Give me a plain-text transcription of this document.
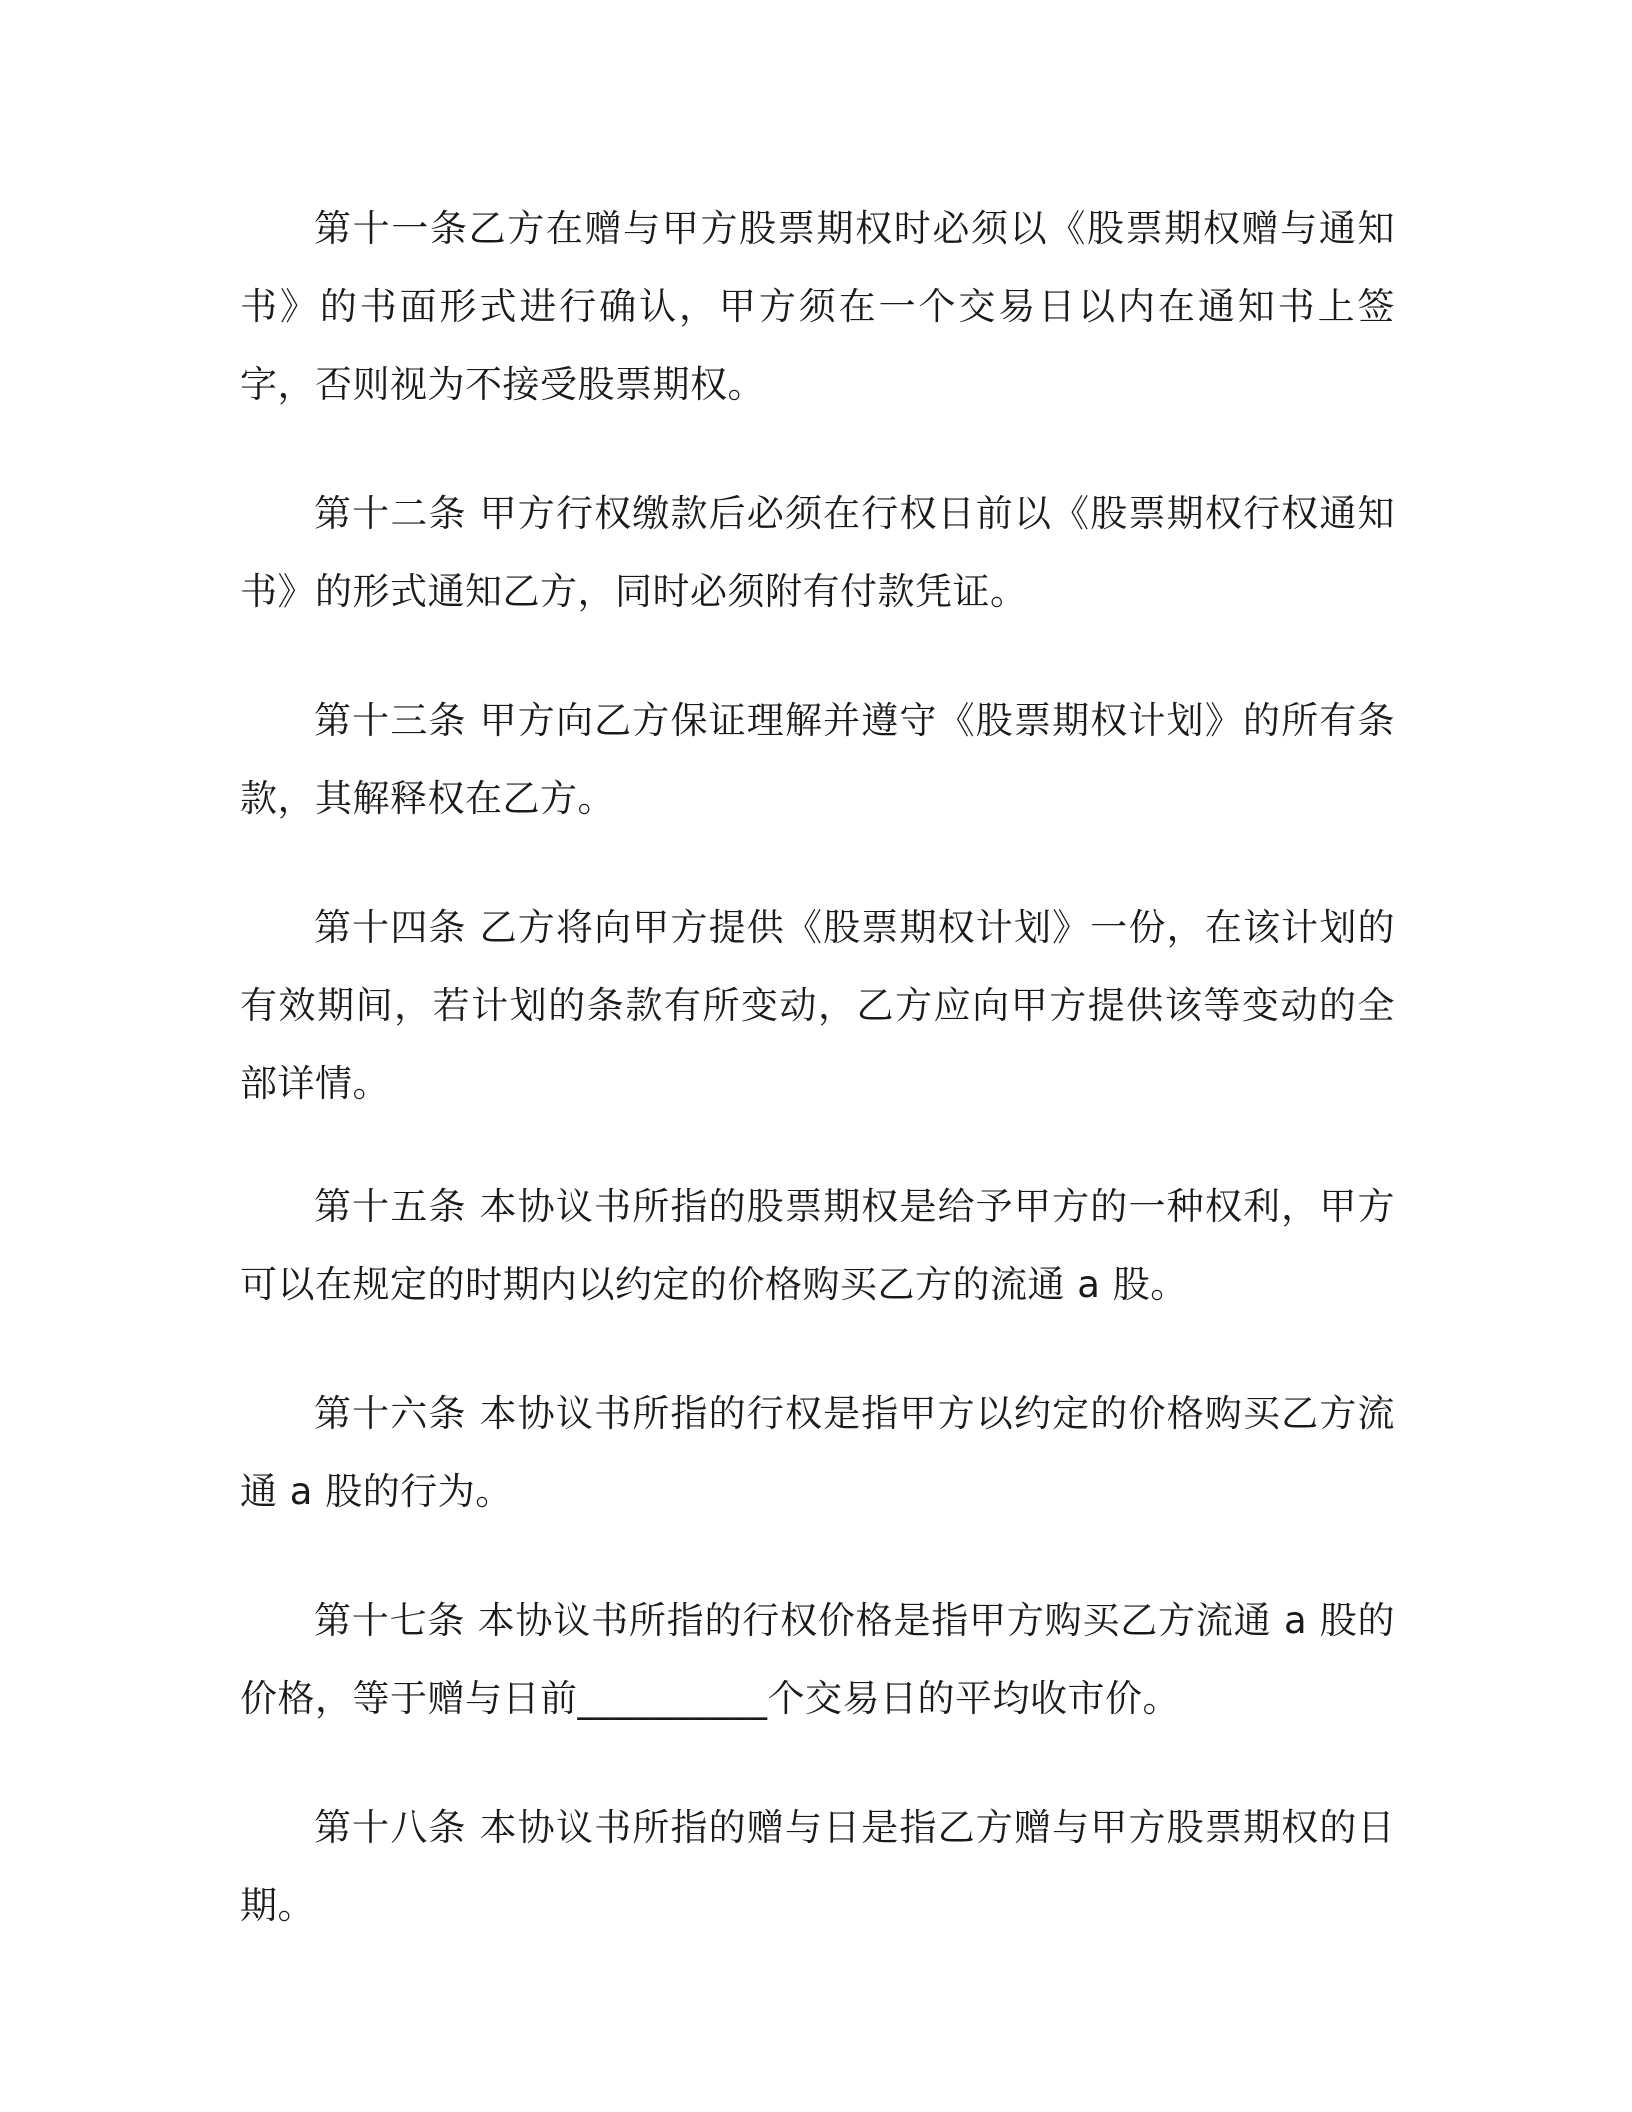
第十一条乙方在赠与甲方股票期权时必须以《股票期权赠与通知书》的书面形式进行确认，甲方须在一个交易日以内在通知书上签字，否则视为不接受股票期权。

第十二条 甲方行权缴款后必须在行权日前以《股票期权行权通知书》的形式通知乙方，同时必须附有付款凭证。

第十三条 甲方向乙方保证理解并遵守《股票期权计划》的所有条款，其解释权在乙方。

第十四条 乙方将向甲方提供《股票期权计划》一份，在该计划的有效期间，若计划的条款有所变动，乙方应向甲方提供该等变动的全部详情。

第十五条 本协议书所指的股票期权是给予甲方的一种权利，甲方可以在规定的时期内以约定的价格购买乙方的流通 a 股。

第十六条 本协议书所指的行权是指甲方以约定的价格购买乙方流通 a 股的行为。

第十七条 本协议书所指的行权价格是指甲方购买乙方流通 a 股的价格，等于赠与日前__________个交易日的平均收市价。

第十八条 本协议书所指的赠与日是指乙方赠与甲方股票期权的日期。
